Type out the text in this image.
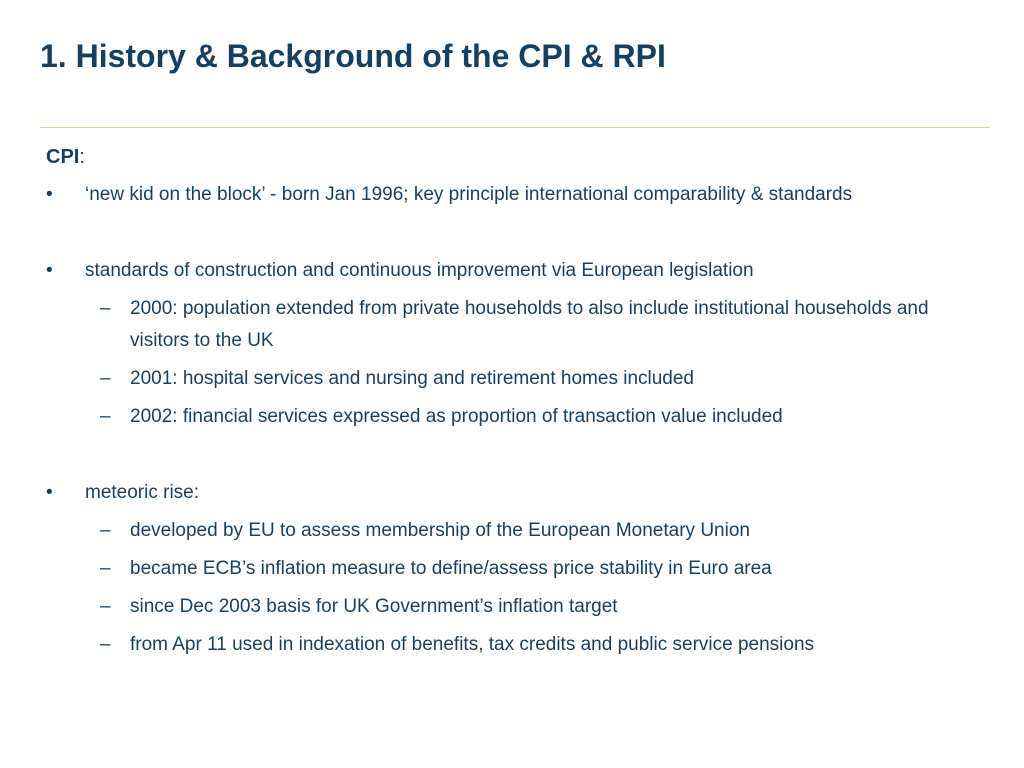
1. History & Background of the CPI & RPI
CPI:
• ‘new kid on the block’ - born Jan 1996; key principle international comparability & standards
• standards of construction and continuous improvement via European legislation
– 2000: population extended from private households to also include institutional households and visitors to the UK
– 2001: hospital services and nursing and retirement homes included
– 2002: financial services expressed as proportion of transaction value included
• meteoric rise:
– developed by EU to assess membership of the European Monetary Union
– became ECB’s inflation measure to define/assess price stability in Euro area
– since Dec 2003 basis for UK Government’s inflation target
– from Apr 11 used in indexation of benefits, tax credits and public service pensions
